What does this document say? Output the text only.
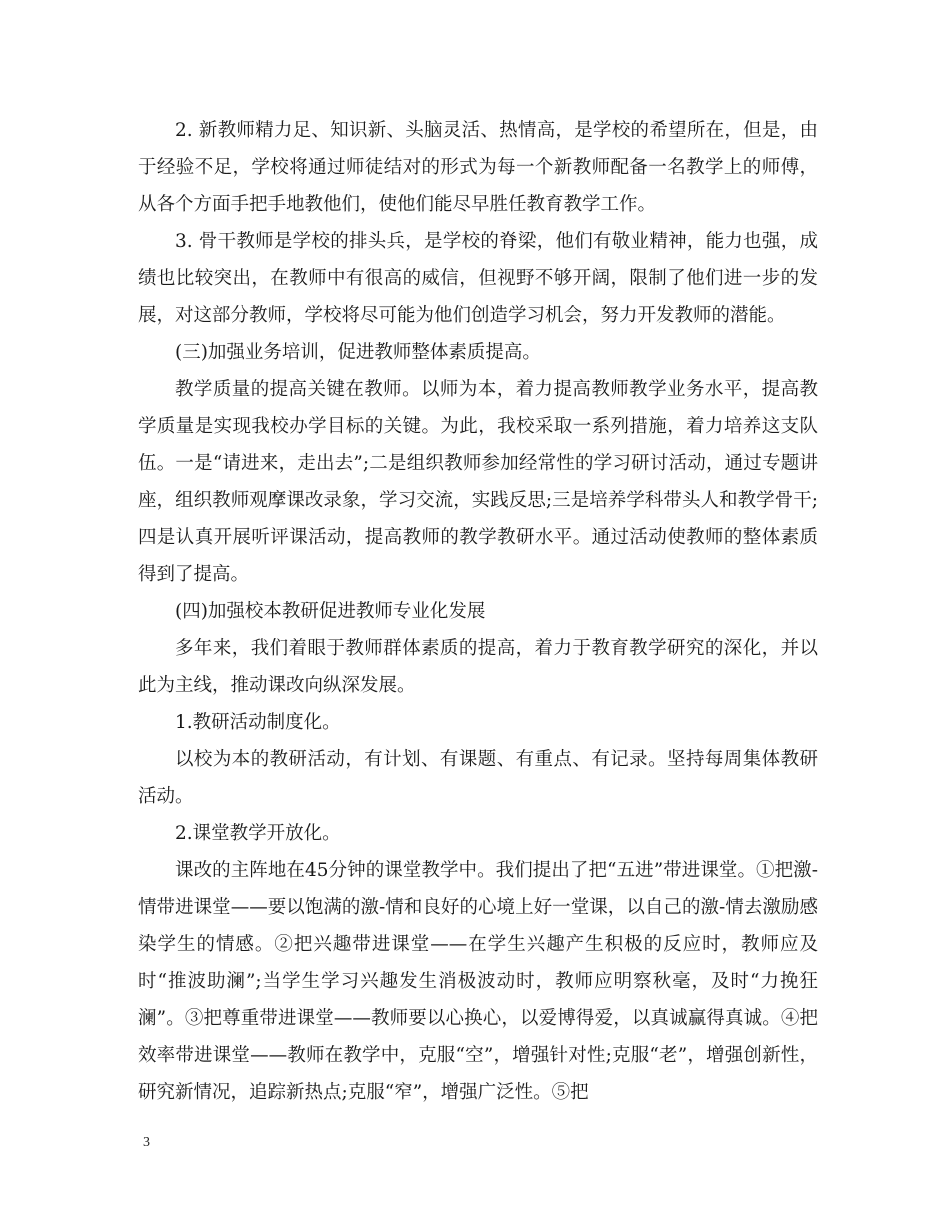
2. 新教师精力足、知识新、头脑灵活、热情高，是学校的希望所在，但是，由于经验不足，学校将通过师徒结对的形式为每一个新教师配备一名教学上的师傅，从各个方面手把手地教他们，使他们能尽早胜任教育教学工作。

3. 骨干教师是学校的排头兵，是学校的脊梁，他们有敬业精神，能力也强，成绩也比较突出，在教师中有很高的威信，但视野不够开阔，限制了他们进一步的发展，对这部分教师，学校将尽可能为他们创造学习机会，努力开发教师的潜能。

(三)加强业务培训，促进教师整体素质提高。

教学质量的提高关键在教师。以师为本，着力提高教师教学业务水平，提高教学质量是实现我校办学目标的关键。为此，我校采取一系列措施，着力培养这支队伍。一是“请进来，走出去”;二是组织教师参加经常性的学习研讨活动，通过专题讲座，组织教师观摩课改录象，学习交流，实践反思;三是培养学科带头人和教学骨干;四是认真开展听评课活动，提高教师的教学教研水平。通过活动使教师的整体素质得到了提高。

(四)加强校本教研促进教师专业化发展

多年来，我们着眼于教师群体素质的提高，着力于教育教学研究的深化，并以此为主线，推动课改向纵深发展。

1.教研活动制度化。

以校为本的教研活动，有计划、有课题、有重点、有记录。坚持每周集体教研活动。

2.课堂教学开放化。

课改的主阵地在45分钟的课堂教学中。我们提出了把“五进”带进课堂。①把激-情带进课堂——要以饱满的激-情和良好的心境上好一堂课，以自己的激-情去激励感染学生的情感。②把兴趣带进课堂——在学生兴趣产生积极的反应时，教师应及时“推波助澜”;当学生学习兴趣发生消极波动时，教师应明察秋毫，及时“力挽狂澜”。③把尊重带进课堂——教师要以心换心，以爱博得爱，以真诚赢得真诚。④把效率带进课堂——教师在教学中，克服“空”，增强针对性;克服“老”，增强创新性，研究新情况，追踪新热点;克服“窄”，增强广泛性。⑤把

3
